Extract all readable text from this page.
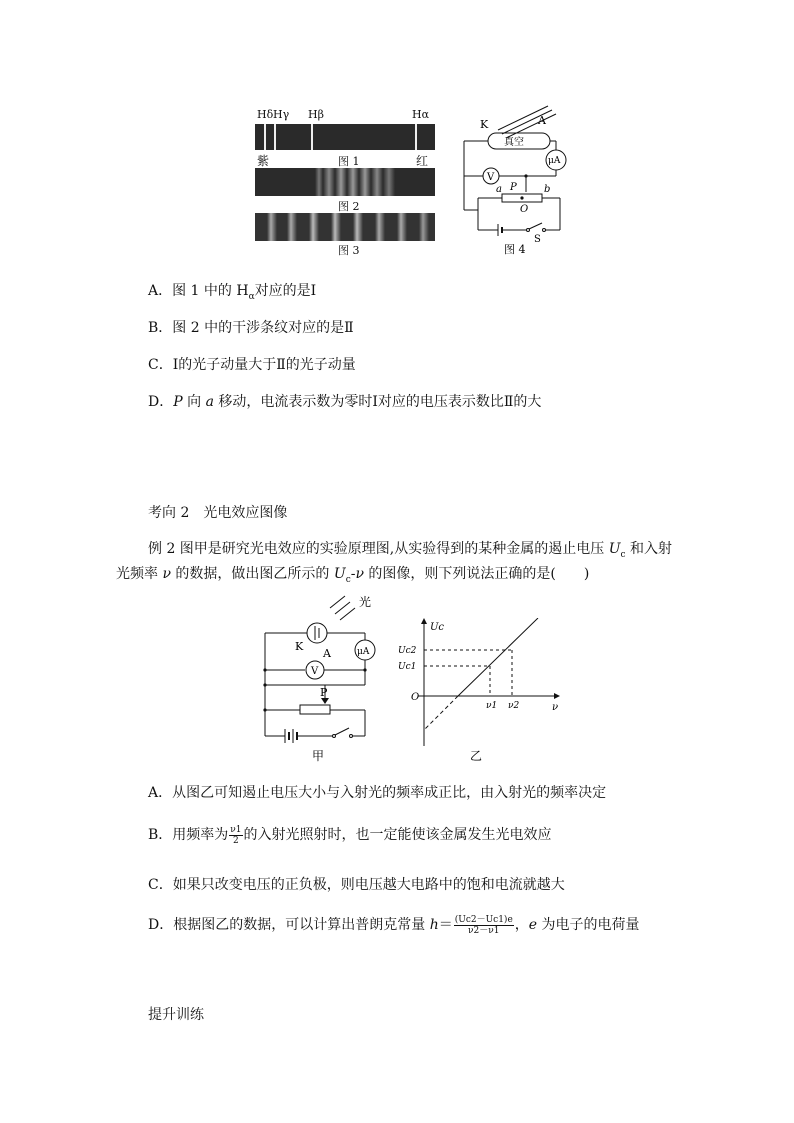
Hδ Hγ Hβ	Hα
紫	图 1	红
图 2
图 3
K	A
真空
μA
V
P
a	b
O
S
图 4
A．图 1 中的 $H_\alpha$对应的是Ⅰ
B．图 2 中的干涉条纹对应的是Ⅱ
C．Ⅰ的光子动量大于Ⅱ的光子动量
D．P 向 a 移动，电流表示数为零时Ⅰ对应的电压表示数比Ⅱ的大
考向 2　光电效应图像
例 2 图甲是研究光电效应的实验原理图,从实验得到的某种金属的遏止电压 $U_c$ 和入射
光频率 ν 的数据，做出图乙所示的 $U_c-\nu$ 的图像，则下列说法正确的是(　　)
光
K
A
V
μA
P
甲
Uc
Uc2
Uc1
O
ν1 ν2	ν
乙
A．从图乙可知遏止电压大小与入射光的频率成正比，由入射光的频率决定
B．用频率为 $\frac{\nu 1}{2}$ 的入射光照射时，也一定能使该金属发生光电效应
C．如果只改变电压的正负极，则电压越大电路中的饱和电流就越大
D．根据图乙的数据，可以计算出普朗克常量 $h= \frac{(Uc2-Uc1)e}{\nu 2-\nu 1}$ ，e 为电子的电荷量
提升训练
